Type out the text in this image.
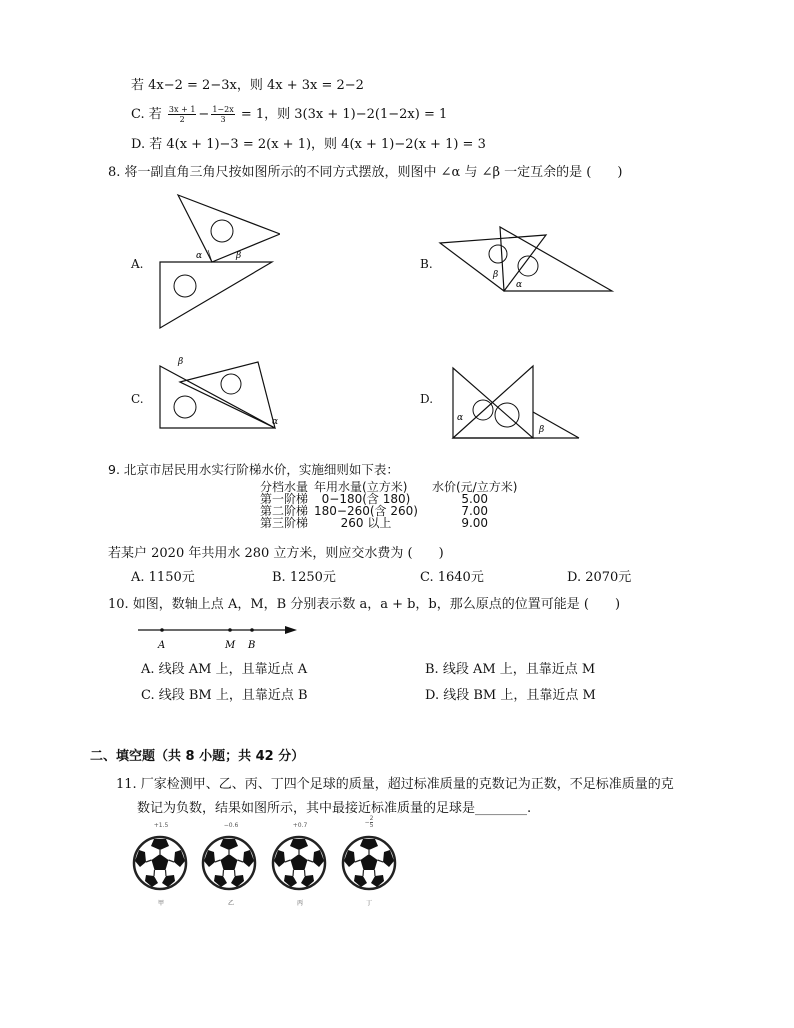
若 4x−2 = 2−3x，则 4x + 3x = 2−2
C. 若 $\frac{3x + 1}{2} - \frac{1-2x}{3} = 1$，则 3(3x + 1)−2(1−2x) = 1
D. 若 4(x + 1)−3 = 2(x + 1)，则 4(x + 1)−2(x + 1) = 3
8. 将一副直角三角尺按如图所示的不同方式摆放，则图中 ∠α 与 ∠β 一定互余的是 (　　)
A.
α	β
B.
β
α
C.
β
α
D.
α
β
9. 北京市居民用水实行阶梯水价，实施细则如下表：
分档水量	年用水量(立方米)	水价(元/立方米)
第一阶梯	0−180(含 180)	5.00
第二阶梯	180−260(含 260)	7.00
第三阶梯	260 以上	9.00
若某户 2020 年共用水 280 立方米，则应交水费为 (　　)
A. 1150元	B. 1250元	C. 1640元	D. 2070元
10. 如图，数轴上点 A，M，B 分别表示数 a，a + b，b，那么原点的位置可能是 (　　)
A	M B
A. 线段 AM 上，且靠近点 A	B. 线段 AM 上，且靠近点 M
C. 线段 BM 上，且靠近点 B	D. 线段 BM 上，且靠近点 M
二、填空题（共 8 小题；共 42 分）
11. 厂家检测甲、乙、丙、丁四个足球的质量，超过标准质量的克数记为正数，不足标准质量的克
数记为负数，结果如图所示，其中最接近标准质量的足球是________.
+1.5	−0.6	+0.7	− $\frac{2}{5}$
甲	乙	丙	丁
